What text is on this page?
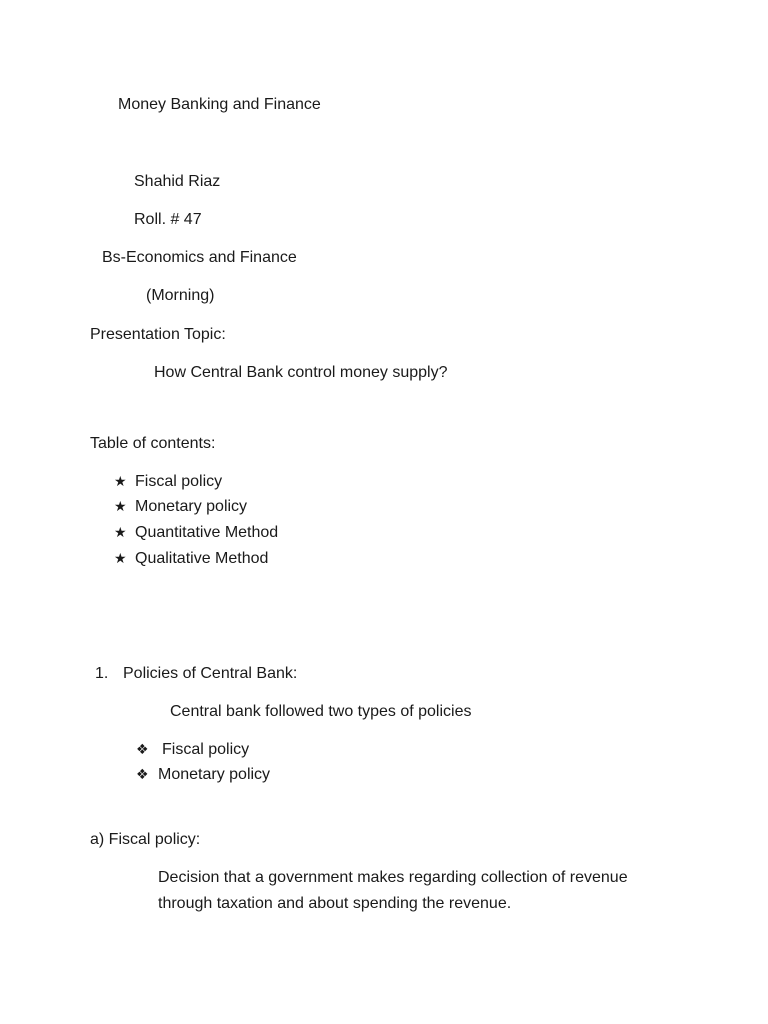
Money Banking and Finance
Shahid Riaz
Roll. # 47
Bs-Economics and Finance
(Morning)
Presentation Topic:
How Central Bank control money supply?
Table of contents:
★ Fiscal policy
★ Monetary policy
★ Quantitative Method
★ Qualitative Method
1. Policies of Central Bank:
Central bank followed two types of policies
❖ Fiscal policy
❖ Monetary policy
a) Fiscal policy:
Decision that a government makes regarding collection of revenue through taxation and about spending the revenue.
